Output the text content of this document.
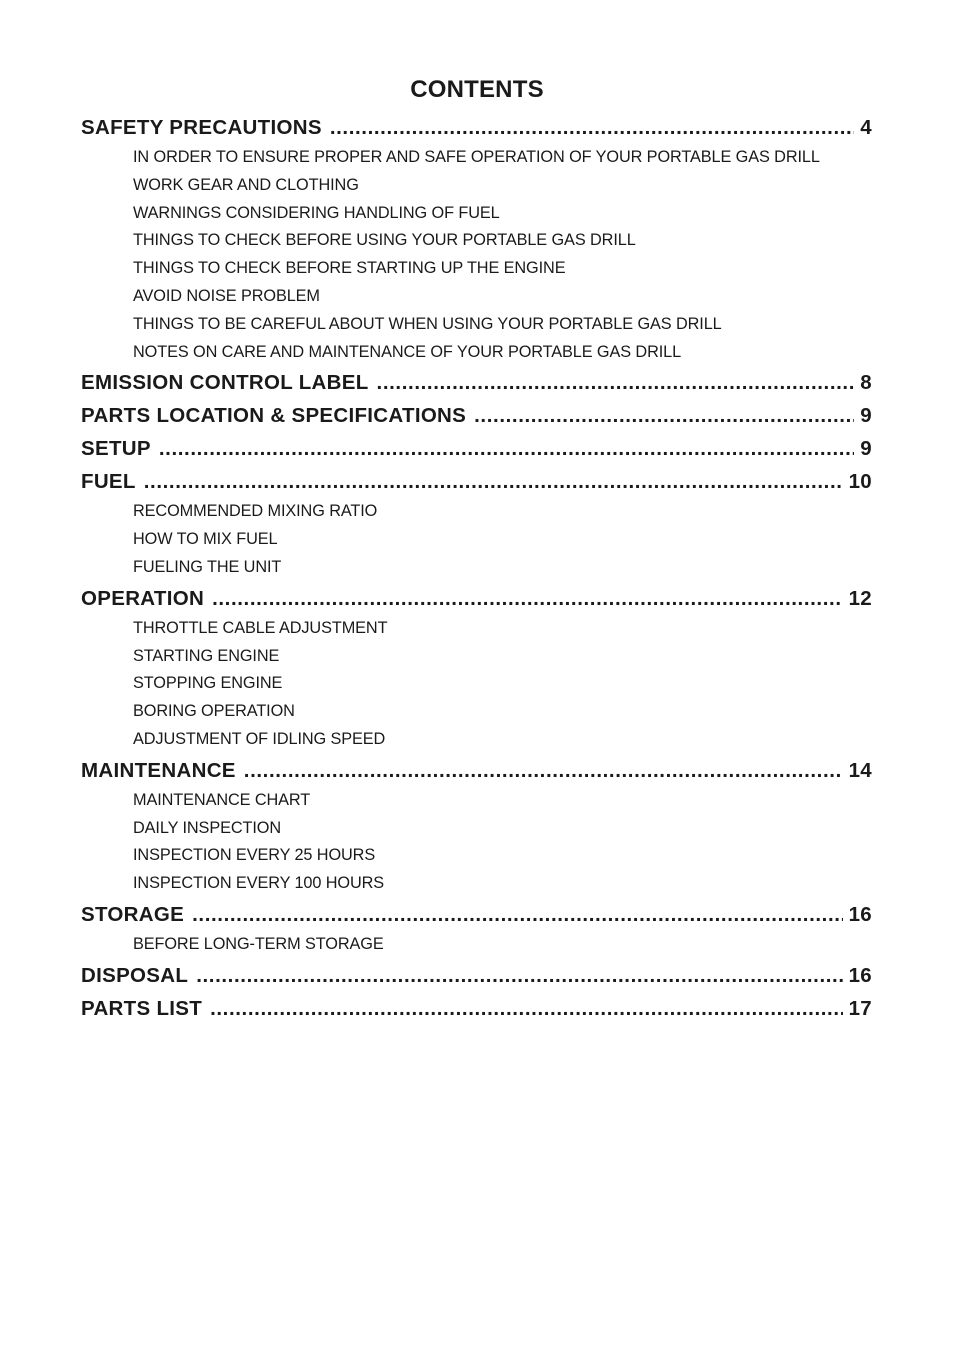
CONTENTS
SAFETY PRECAUTIONS .....	4
IN ORDER TO ENSURE PROPER AND SAFE OPERATION OF YOUR PORTABLE GAS DRILL
WORK GEAR AND CLOTHING
WARNINGS CONSIDERING HANDLING OF FUEL
THINGS TO CHECK BEFORE USING YOUR PORTABLE GAS DRILL
THINGS TO CHECK BEFORE STARTING UP THE ENGINE
AVOID NOISE PROBLEM
THINGS TO BE CAREFUL ABOUT WHEN USING YOUR PORTABLE GAS DRILL
NOTES ON CARE AND MAINTENANCE OF YOUR PORTABLE GAS DRILL
EMISSION CONTROL LABEL .....	8
PARTS LOCATION & SPECIFICATIONS .....	9
SETUP .....	9
FUEL .....	10
RECOMMENDED MIXING RATIO
HOW TO MIX FUEL
FUELING THE UNIT
OPERATION .....	12
THROTTLE CABLE ADJUSTMENT
STARTING ENGINE
STOPPING ENGINE
BORING OPERATION
ADJUSTMENT OF IDLING SPEED
MAINTENANCE .....	14
MAINTENANCE CHART
DAILY INSPECTION
INSPECTION EVERY 25 HOURS
INSPECTION EVERY 100 HOURS
STORAGE .....	16
BEFORE LONG-TERM STORAGE
DISPOSAL .....	16
PARTS LIST .....	17
